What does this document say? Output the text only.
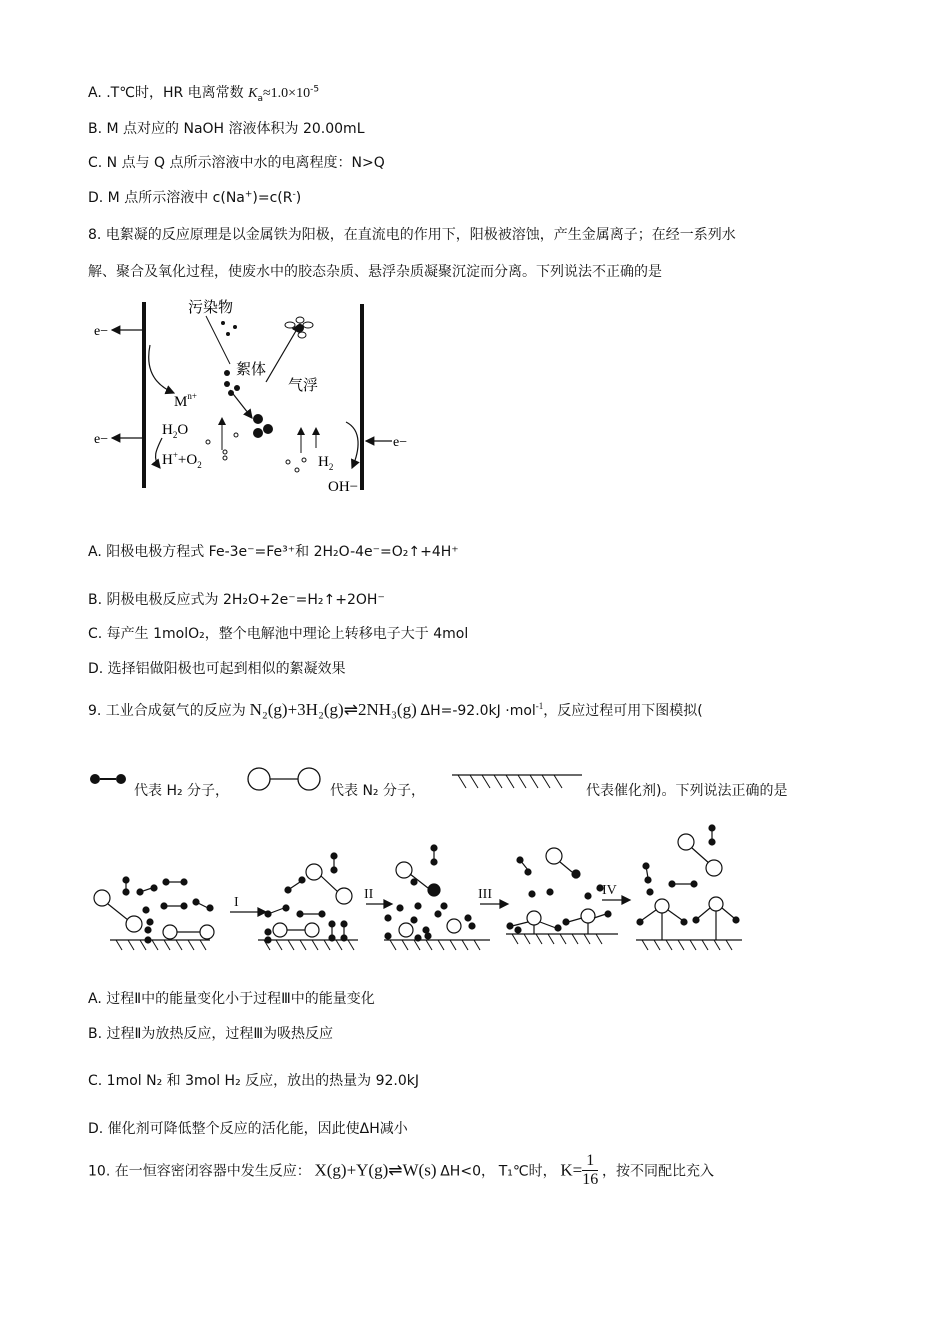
A. .T℃时，HR 电离常数 $K_a\approx 1.0\times 10^{-5}$
B. M 点对应的 NaOH 溶液体积为 20.00mL
C. N 点与 Q 点所示溶液中水的电离程度：N>Q
D. M 点所示溶液中 c(Na+)=c(R-)
8. 电絮凝的反应原理是以金属铁为阳极，在直流电的作用下，阳极被溶蚀，产生金属离子；在经一系列水
解、聚合及氧化过程，使废水中的胶态杂质、悬浮杂质凝聚沉淀而分离。下列说法不正确的是
e−
e−	e−
污染物
絮体
气浮
$M^{n+}$
$H_2O$
$H^++O_2$	$H_2$
OH−
A. 阳极电极方程式 Fe-3e⁻=Fe³⁺和 2H₂O-4e⁻=O₂↑+4H⁺
B. 阴极电极反应式为 2H₂O+2e⁻=H₂↑+2OH⁻
C. 每产生 1molO₂，整个电解池中理论上转移电子大于 4mol
D. 选择铝做阳极也可起到相似的絮凝效果
9. 工业合成氨气的反应为 N₂(g)+3H₂(g)⇌2NH₃(g) ΔH=-92.0kJ ·mol$^{-1}$，反应过程可用下图模拟(
代表 H₂ 分子，	代表 N₂ 分子，	代表催化剂)。下列说法正确的是
I
II	III	IV
A. 过程Ⅱ中的能量变化小于过程Ⅲ中的能量变化
B. 过程Ⅱ为放热反应，过程Ⅲ为吸热反应
C. 1mol N₂ 和 3mol H₂ 反应，放出的热量为 92.0kJ
D. 催化剂可降低整个反应的活化能，因此使ΔH减小
10. 在一恒容密闭容器中发生反应： X(g)+Y(g)⇌W(s) ΔH<0， T₁℃时， $K= \frac{1}{16}$ ，按不同配比充入
